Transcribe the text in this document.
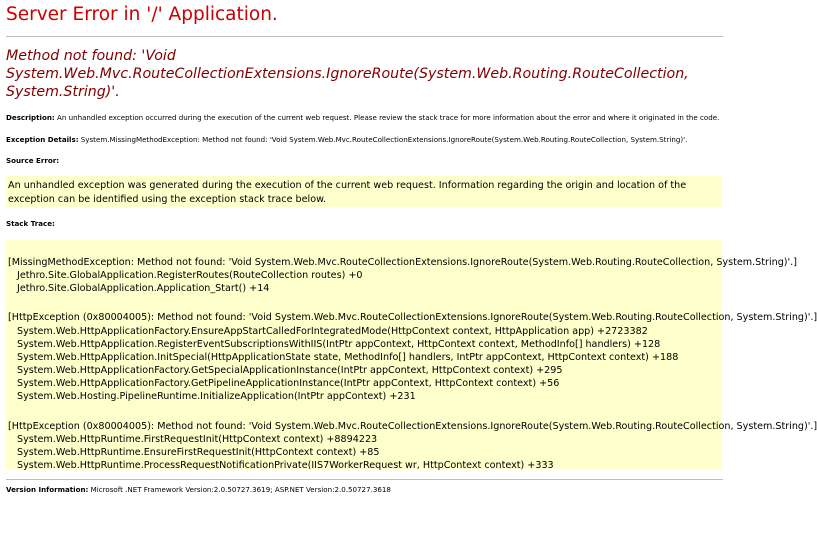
Server Error in '/' Application.
Method not found: 'Void System.Web.Mvc.RouteCollectionExtensions.IgnoreRoute(System.Web.Routing.RouteCollection, System.String)'.
Description: An unhandled exception occurred during the execution of the current web request. Please review the stack trace for more information about the error and where it originated in the code.
Exception Details: System.MissingMethodException: Method not found: 'Void System.Web.Mvc.RouteCollectionExtensions.IgnoreRoute(System.Web.Routing.RouteCollection, System.String)'.
Source Error:
An unhandled exception was generated during the execution of the current web request. Information regarding the origin and location of the exception can be identified using the exception stack trace below.
Stack Trace:
[MissingMethodException: Method not found: 'Void System.Web.Mvc.RouteCollectionExtensions.IgnoreRoute(System.Web.Routing.RouteCollection, System.String)'.]
Jethro.Site.GlobalApplication.RegisterRoutes(RouteCollection routes) +0
Jethro.Site.GlobalApplication.Application_Start() +14
[HttpException (0x80004005): Method not found: 'Void System.Web.Mvc.RouteCollectionExtensions.IgnoreRoute(System.Web.Routing.RouteCollection, System.String)'.]
System.Web.HttpApplicationFactory.EnsureAppStartCalledForIntegratedMode(HttpContext context, HttpApplication app) +2723382
System.Web.HttpApplication.RegisterEventSubscriptionsWithIIS(IntPtr appContext, HttpContext context, MethodInfo[] handlers) +128
System.Web.HttpApplication.InitSpecial(HttpApplicationState state, MethodInfo[] handlers, IntPtr appContext, HttpContext context) +188
System.Web.HttpApplicationFactory.GetSpecialApplicationInstance(IntPtr appContext, HttpContext context) +295
System.Web.HttpApplicationFactory.GetPipelineApplicationInstance(IntPtr appContext, HttpContext context) +56
System.Web.Hosting.PipelineRuntime.InitializeApplication(IntPtr appContext) +231
[HttpException (0x80004005): Method not found: 'Void System.Web.Mvc.RouteCollectionExtensions.IgnoreRoute(System.Web.Routing.RouteCollection, System.String)'.]
System.Web.HttpRuntime.FirstRequestInit(HttpContext context) +8894223
System.Web.HttpRuntime.EnsureFirstRequestInit(HttpContext context) +85
System.Web.HttpRuntime.ProcessRequestNotificationPrivate(IIS7WorkerRequest wr, HttpContext context) +333
Version Information: Microsoft .NET Framework Version:2.0.50727.3619; ASP.NET Version:2.0.50727.3618
